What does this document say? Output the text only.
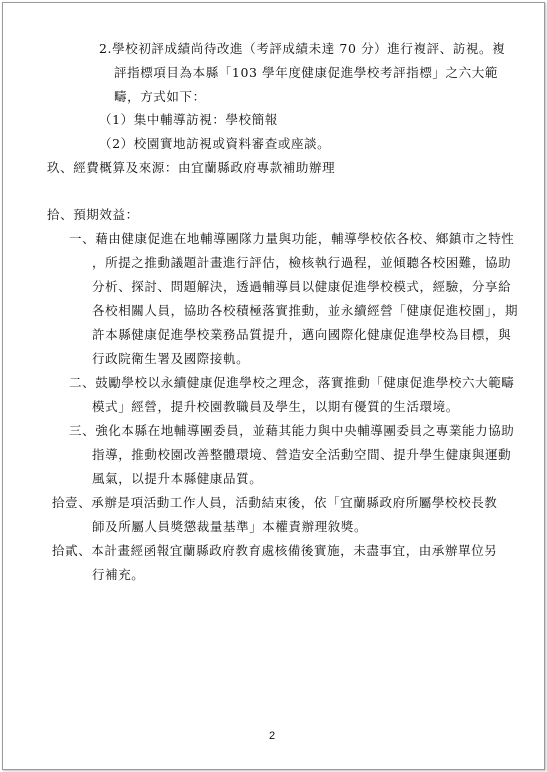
2.學校初評成績尚待改進（考評成績未達 70 分）進行複評、訪視。複
評指標項目為本縣「103 學年度健康促進學校考評指標」之六大範
疇，方式如下：
（1）集中輔導訪視：學校簡報
（2）校園實地訪視或資料審查或座談。
玖、經費概算及來源：由宜蘭縣政府專款補助辦理
拾、預期效益：
一、藉由健康促進在地輔導團隊力量與功能，輔導學校依各校、鄉鎮市之特性
，所提之推動議題計畫進行評估，檢核執行過程，並傾聽各校困難，協助
分析、探討、問題解決，透過輔導員以健康促進學校模式，經驗，分享給
各校相關人員，協助各校積極落實推動，並永續經營「健康促進校園」，期
許本縣健康促進學校業務品質提升，邁向國際化健康促進學校為目標，與
行政院衛生署及國際接軌。
二、鼓勵學校以永續健康促進學校之理念，落實推動「健康促進學校六大範疇
模式」經營，提升校園教職員及學生，以期有優質的生活環境。
三、強化本縣在地輔導團委員，並藉其能力與中央輔導團委員之專業能力協助
指導，推動校園改善整體環境、營造安全活動空間、提升學生健康與運動
風氣，以提升本縣健康品質。
拾壹、承辦是項活動工作人員，活動結束後，依「宜蘭縣政府所屬學校校長教
師及所屬人員獎懲裁量基準」本權責辦理敘獎。
拾貳、本計畫經函報宜蘭縣政府教育處核備後實施，未盡事宜，由承辦單位另
行補充。
2
